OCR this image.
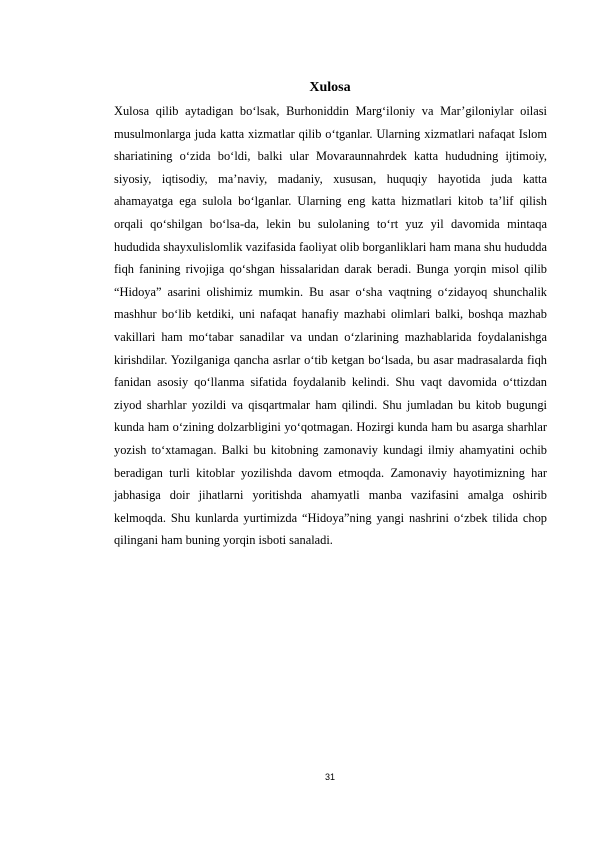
Xulosa

Xulosa qilib aytadigan bo‘lsak, Burhoniddin Marg‘iloniy va Mar’giloniylar oilasi musulmonlarga juda katta xizmatlar qilib o‘tganlar. Ularning xizmatlari nafaqat Islom shariatining o‘zida bo‘ldi, balki ular Movaraunnahrdek katta hududning ijtimoiy, siyosiy, iqtisodiy, ma’naviy, madaniy, xususan, huquqiy hayotida juda katta ahamayatga ega sulola bo‘lganlar. Ularning eng katta hizmatlari kitob ta’lif qilish orqali qo‘shilgan bo‘lsa-da, lekin bu sulolaning to‘rt yuz yil davomida mintaqa hududida shayxulislomlik vazifasida faoliyat olib borganliklari ham mana shu hududda fiqh fanining rivojiga qo‘shgan hissalaridan darak beradi. Bunga yorqin misol qilib “Hidoya” asarini olishimiz mumkin. Bu asar o‘sha vaqtning o‘zidayoq shunchalik mashhur bo‘lib ketdiki, uni nafaqat hanafiy mazhabi olimlari balki, boshqa mazhab vakillari ham mo‘tabar sanadilar va undan o‘zlarining mazhablarida foydalanishga kirishdilar. Yozilganiga qancha asrlar o‘tib ketgan bo‘lsada, bu asar madrasalarda fiqh fanidan asosiy qo‘llanma sifatida foydalanib kelindi. Shu vaqt davomida o‘ttizdan ziyod sharhlar yozildi va qisqartmalar ham qilindi. Shu jumladan bu kitob bugungi kunda ham o‘zining dolzarbligini yo‘qotmagan. Hozirgi kunda ham bu asarga sharhlar yozish to‘xtamagan. Balki bu kitobning zamonaviy kundagi ilmiy ahamyatini ochib beradigan turli kitoblar yozilishda davom etmoqda. Zamonaviy hayotimizning har jabhasiga doir jihatlarni yoritishda ahamyatli manba vazifasini amalga oshirib kelmoqda. Shu kunlarda yurtimizda “Hidoya”ning yangi nashrini o‘zbek tilida chop qilingani ham buning yorqin isboti sanaladi.

31
